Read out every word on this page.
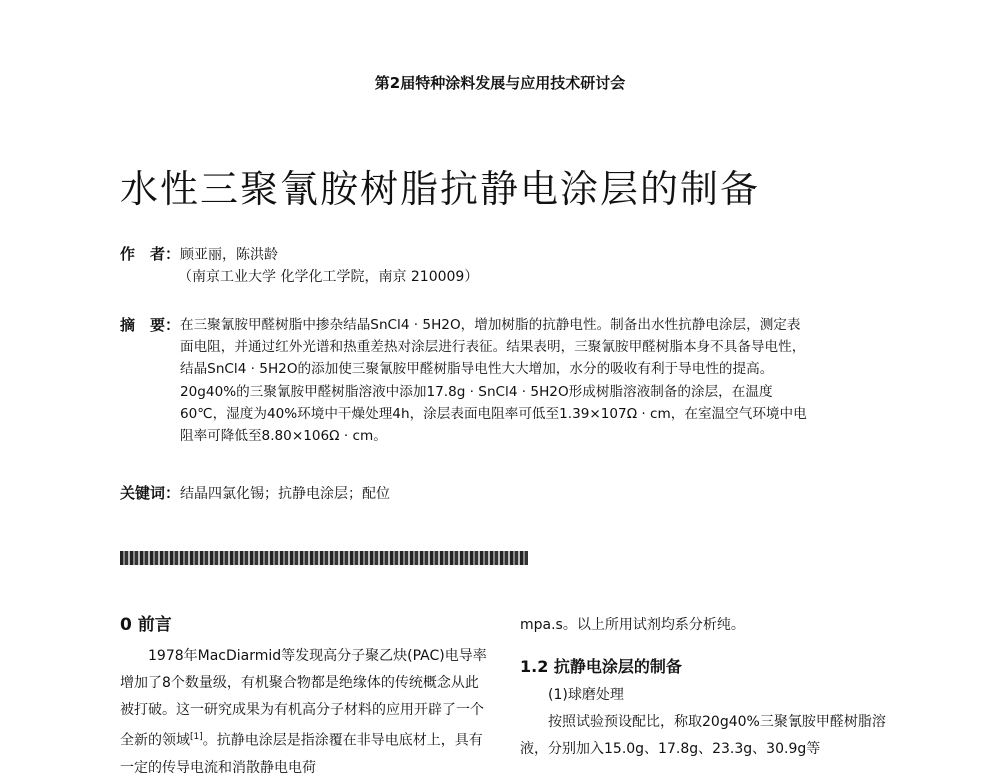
第2届特种涂料发展与应用技术研讨会
水性三聚氰胺树脂抗静电涂层的制备
作　者：顾亚丽，陈洪龄
（南京工业大学 化学化工学院，南京 210009）
摘　要： 在三聚氰胺甲醛树脂中掺杂结晶SnCl4 · 5H2O，增加树脂的抗静电性。制备出水性抗静电涂层，测定表面电阻，并通过红外光谱和热重差热对涂层进行表征。结果表明，三聚氰胺甲醛树脂本身不具备导电性，结晶SnCl4 · 5H2O的添加使三聚氰胺甲醛树脂导电性大大增加，水分的吸收有利于导电性的提高。20g40%的三聚氰胺甲醛树脂溶液中添加17.8g · SnCl4 · 5H2O形成树脂溶液制备的涂层，在温度60℃，湿度为40%环境中干燥处理4h，涂层表面电阻率可低至1.39×107Ω · cm，在室温空气环境中电阻率可降低至8.80×106Ω · cm。
关键词：结晶四氯化锡；抗静电涂层；配位
0 前言
1978年MacDiarmid等发现高分子聚乙炔(PAC)电导率增加了8个数量级，有机聚合物都是绝缘体的传统概念从此被打破。这一研究成果为有机高分子材料的应用开辟了一个全新的领域[1]。抗静电涂层是指涂覆在非导电底材上，具有一定的传导电流和消散静电电荷
mpa.s。以上所用试剂均系分析纯。
1.2 抗静电涂层的制备
(1)球磨处理
按照试验预设配比，称取20g40%三聚氰胺甲醛树脂溶液，分别加入15.0g、17.8g、23.3g、30.9g等
